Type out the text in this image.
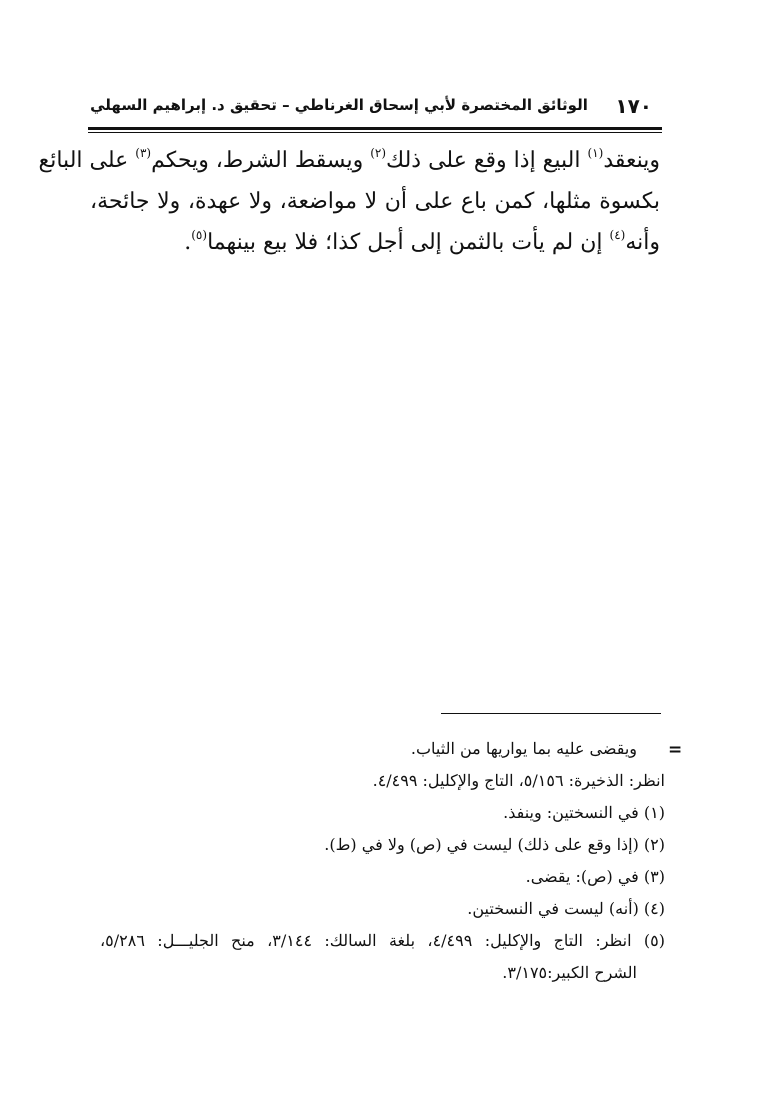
١٧٠
الوثائق المختصرة لأبي إسحاق الغرناطي – تحقيق د. إبراهيم السهلي
وينعقد$^{(١)}$ البيع إذا وقع على ذلك$^{(٢)}$ ويسقط الشرط، ويحكم$^{(٣)}$ على البائع
بكسوة مثلها، كمن باع على أن لا مواضعة، ولا عهدة، ولا جائحة،
وأنه$^{(٤)}$ إن لم يأت بالثمن إلى أجل كذا؛ فلا بيع بينهما$^{(٥)}$.
=
ويقضى عليه بما يواريها من الثياب.
انظر: الذخيرة: ٥/١٥٦، التاج والإكليل: ٤/٤٩٩.
(١) في النسختين: وينفذ.
(٢) (إذا وقع على ذلك) ليست في (ص) ولا في (ط).
(٣) في (ص): يقضى.
(٤) (أنه) ليست في النسختين.
(٥) انظر: التاج والإكليل: ٤/٤٩٩، بلغة السالك: ٣/١٤٤، منح الجليـــل: ٥/٢٨٦،
الشرح الكبير:٣/١٧٥.
